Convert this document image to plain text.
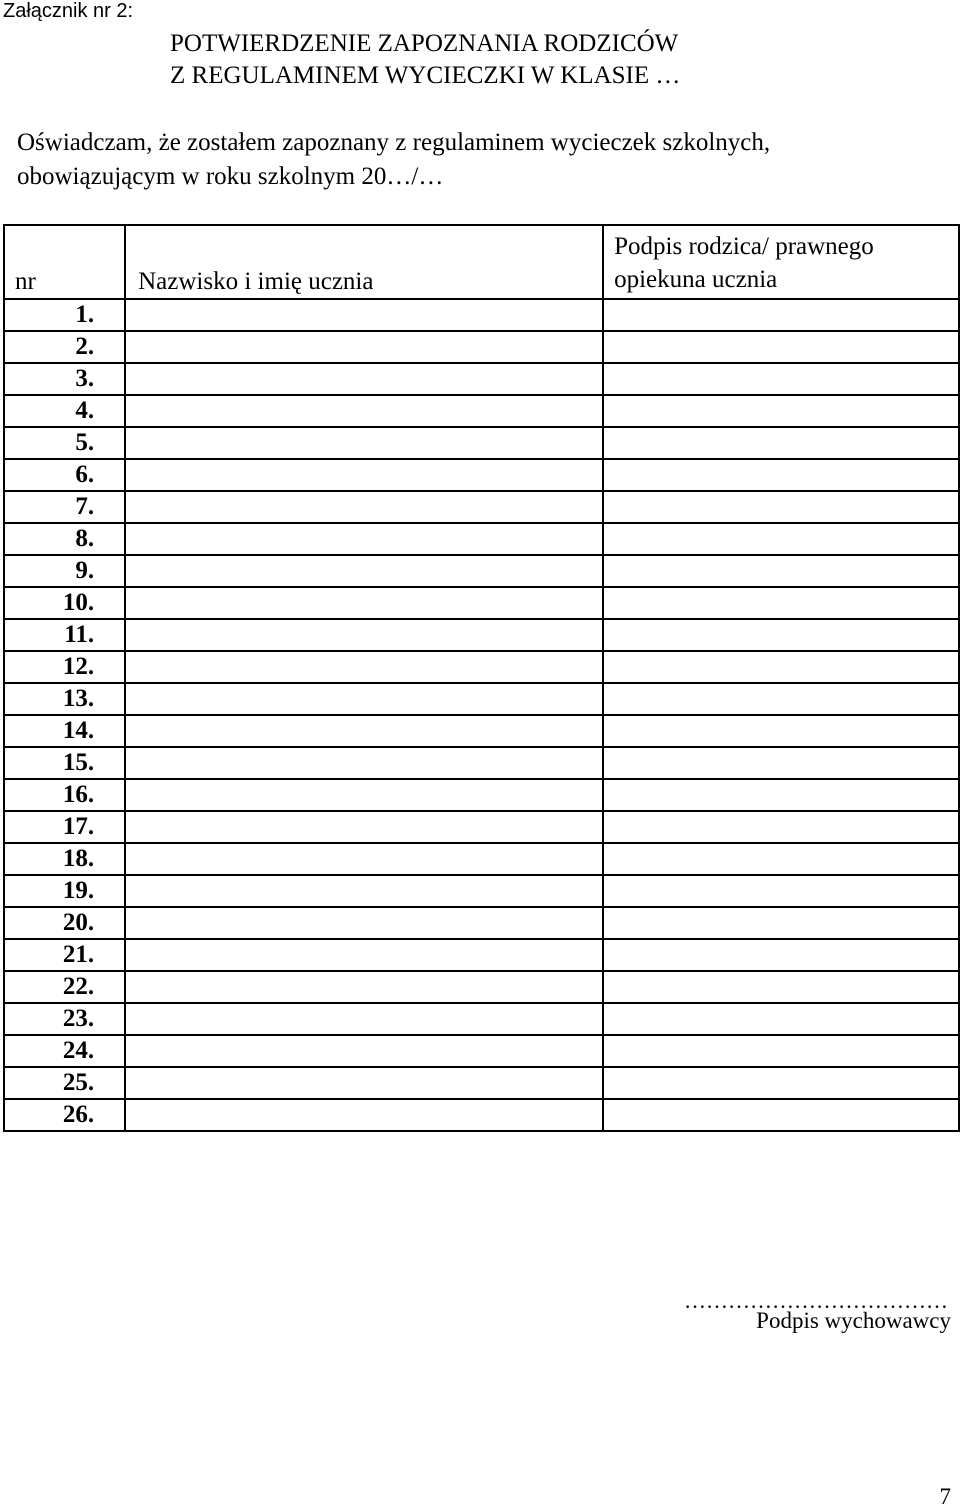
Załącznik nr 2:

POTWIERDZENIE ZAPOZNANIA RODZICÓW
Z REGULAMINEM WYCIECZKI W KLASIE …
Oświadczam, że zostałem zapoznany z regulaminem wycieczek szkolnych,
obowiązującym w roku szkolnym 20…/…
nr	Nazwisko i imię ucznia	Podpis rodzica/ prawnego opiekuna ucznia
1.		
2.		
3.		
4.		
5.		
6.		
7.		
8.		
9.		
10.		
11.		
12.		
13.		
14.		
15.		
16.		
17.		
18.		
19.		
20.		
21.		
22.		
23.		
24.		
25.		
26.		
………………………………
Podpis wychowawcy
7
